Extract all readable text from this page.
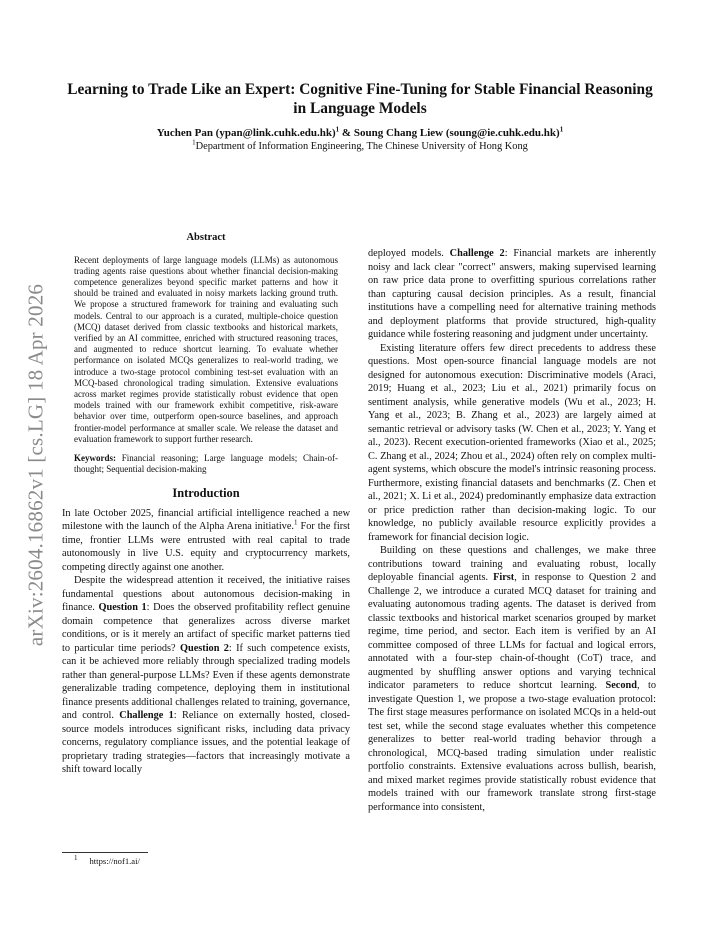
arXiv:2604.16862v1 [cs.LG] 18 Apr 2026
Learning to Trade Like an Expert: Cognitive Fine-Tuning for Stable Financial Reasoning in Language Models
Yuchen Pan (ypan@link.cuhk.edu.hk)$^1$ & Soung Chang Liew (soung@ie.cuhk.edu.hk)$^1$
$^1$Department of Information Engineering, The Chinese University of Hong Kong
Abstract

Recent deployments of large language models (LLMs) as autonomous trading agents raise questions about whether financial decision-making competence generalizes beyond specific market patterns and how it should be trained and evaluated in noisy markets lacking ground truth. We propose a structured framework for training and evaluating such models. Central to our approach is a curated, multiple-choice question (MCQ) dataset derived from classic textbooks and historical markets, verified by an AI committee, enriched with structured reasoning traces, and augmented to reduce shortcut learning. To evaluate whether performance on isolated MCQs generalizes to real-world trading, we introduce a two-stage protocol combining test-set evaluation with an MCQ-based chronological trading simulation. Extensive evaluations across market regimes provide statistically robust evidence that open models trained with our framework exhibit competitive, risk-aware behavior over time, outperform open-source baselines, and approach frontier-model performance at smaller scale. We release the dataset and evaluation framework to support further research.

Keywords: Financial reasoning; Large language models; Chain-of-thought; Sequential decision-making

Introduction

In late October 2025, financial artificial intelligence reached a new milestone with the launch of the Alpha Arena initiative.$^1$ For the first time, frontier LLMs were entrusted with real capital to trade autonomously in live U.S. equity and cryptocurrency markets, competing directly against one another.

Despite the widespread attention it received, the initiative raises fundamental questions about autonomous decision-making in finance. Question 1: Does the observed profitability reflect genuine domain competence that generalizes across diverse market conditions, or is it merely an artifact of specific market patterns tied to particular time periods? Question 2: If such competence exists, can it be achieved more reliably through specialized trading models rather than general-purpose LLMs? Even if these agents demonstrate generalizable trading competence, deploying them in institutional finance presents additional challenges related to training, governance, and control. Challenge 1: Reliance on externally hosted, closed-source models introduces significant risks, including data privacy concerns, regulatory compliance issues, and the potential leakage of proprietary trading strategies—factors that increasingly motivate a shift toward locally

$^1$ https://nof1.ai/

deployed models. Challenge 2: Financial markets are inherently noisy and lack clear "correct" answers, making supervised learning on raw price data prone to overfitting spurious correlations rather than capturing causal decision principles. As a result, financial institutions have a compelling need for alternative training methods and deployment platforms that provide structured, high-quality guidance while fostering reasoning and judgment under uncertainty.

Existing literature offers few direct precedents to address these questions. Most open-source financial language models are not designed for autonomous execution: Discriminative models (Araci, 2019; Huang et al., 2023; Liu et al., 2021) primarily focus on sentiment analysis, while generative models (Wu et al., 2023; H. Yang et al., 2023; B. Zhang et al., 2023) are largely aimed at semantic retrieval or advisory tasks (W. Chen et al., 2023; Y. Yang et al., 2023). Recent execution-oriented frameworks (Xiao et al., 2025; C. Zhang et al., 2024; Zhou et al., 2024) often rely on complex multi-agent systems, which obscure the model's intrinsic reasoning process. Furthermore, existing financial datasets and benchmarks (Z. Chen et al., 2021; X. Li et al., 2024) predominantly emphasize data extraction or price prediction rather than decision-making logic. To our knowledge, no publicly available resource explicitly provides a framework for financial decision logic.

Building on these questions and challenges, we make three contributions toward training and evaluating robust, locally deployable financial agents. First, in response to Question 2 and Challenge 2, we introduce a curated MCQ dataset for training and evaluating autonomous trading agents. The dataset is derived from classic textbooks and historical market scenarios grouped by market regime, time period, and sector. Each item is verified by an AI committee composed of three LLMs for factual and logical errors, annotated with a four-step chain-of-thought (CoT) trace, and augmented by shuffling answer options and varying technical indicator parameters to reduce shortcut learning. Second, to investigate Question 1, we propose a two-stage evaluation protocol: The first stage measures performance on isolated MCQs in a held-out test set, while the second stage evaluates whether this competence generalizes to better real-world trading behavior through a chronological, MCQ-based trading simulation under realistic portfolio constraints. Extensive evaluations across bullish, bearish, and mixed market regimes provide statistically robust evidence that models trained with our framework translate strong first-stage performance into consistent,
